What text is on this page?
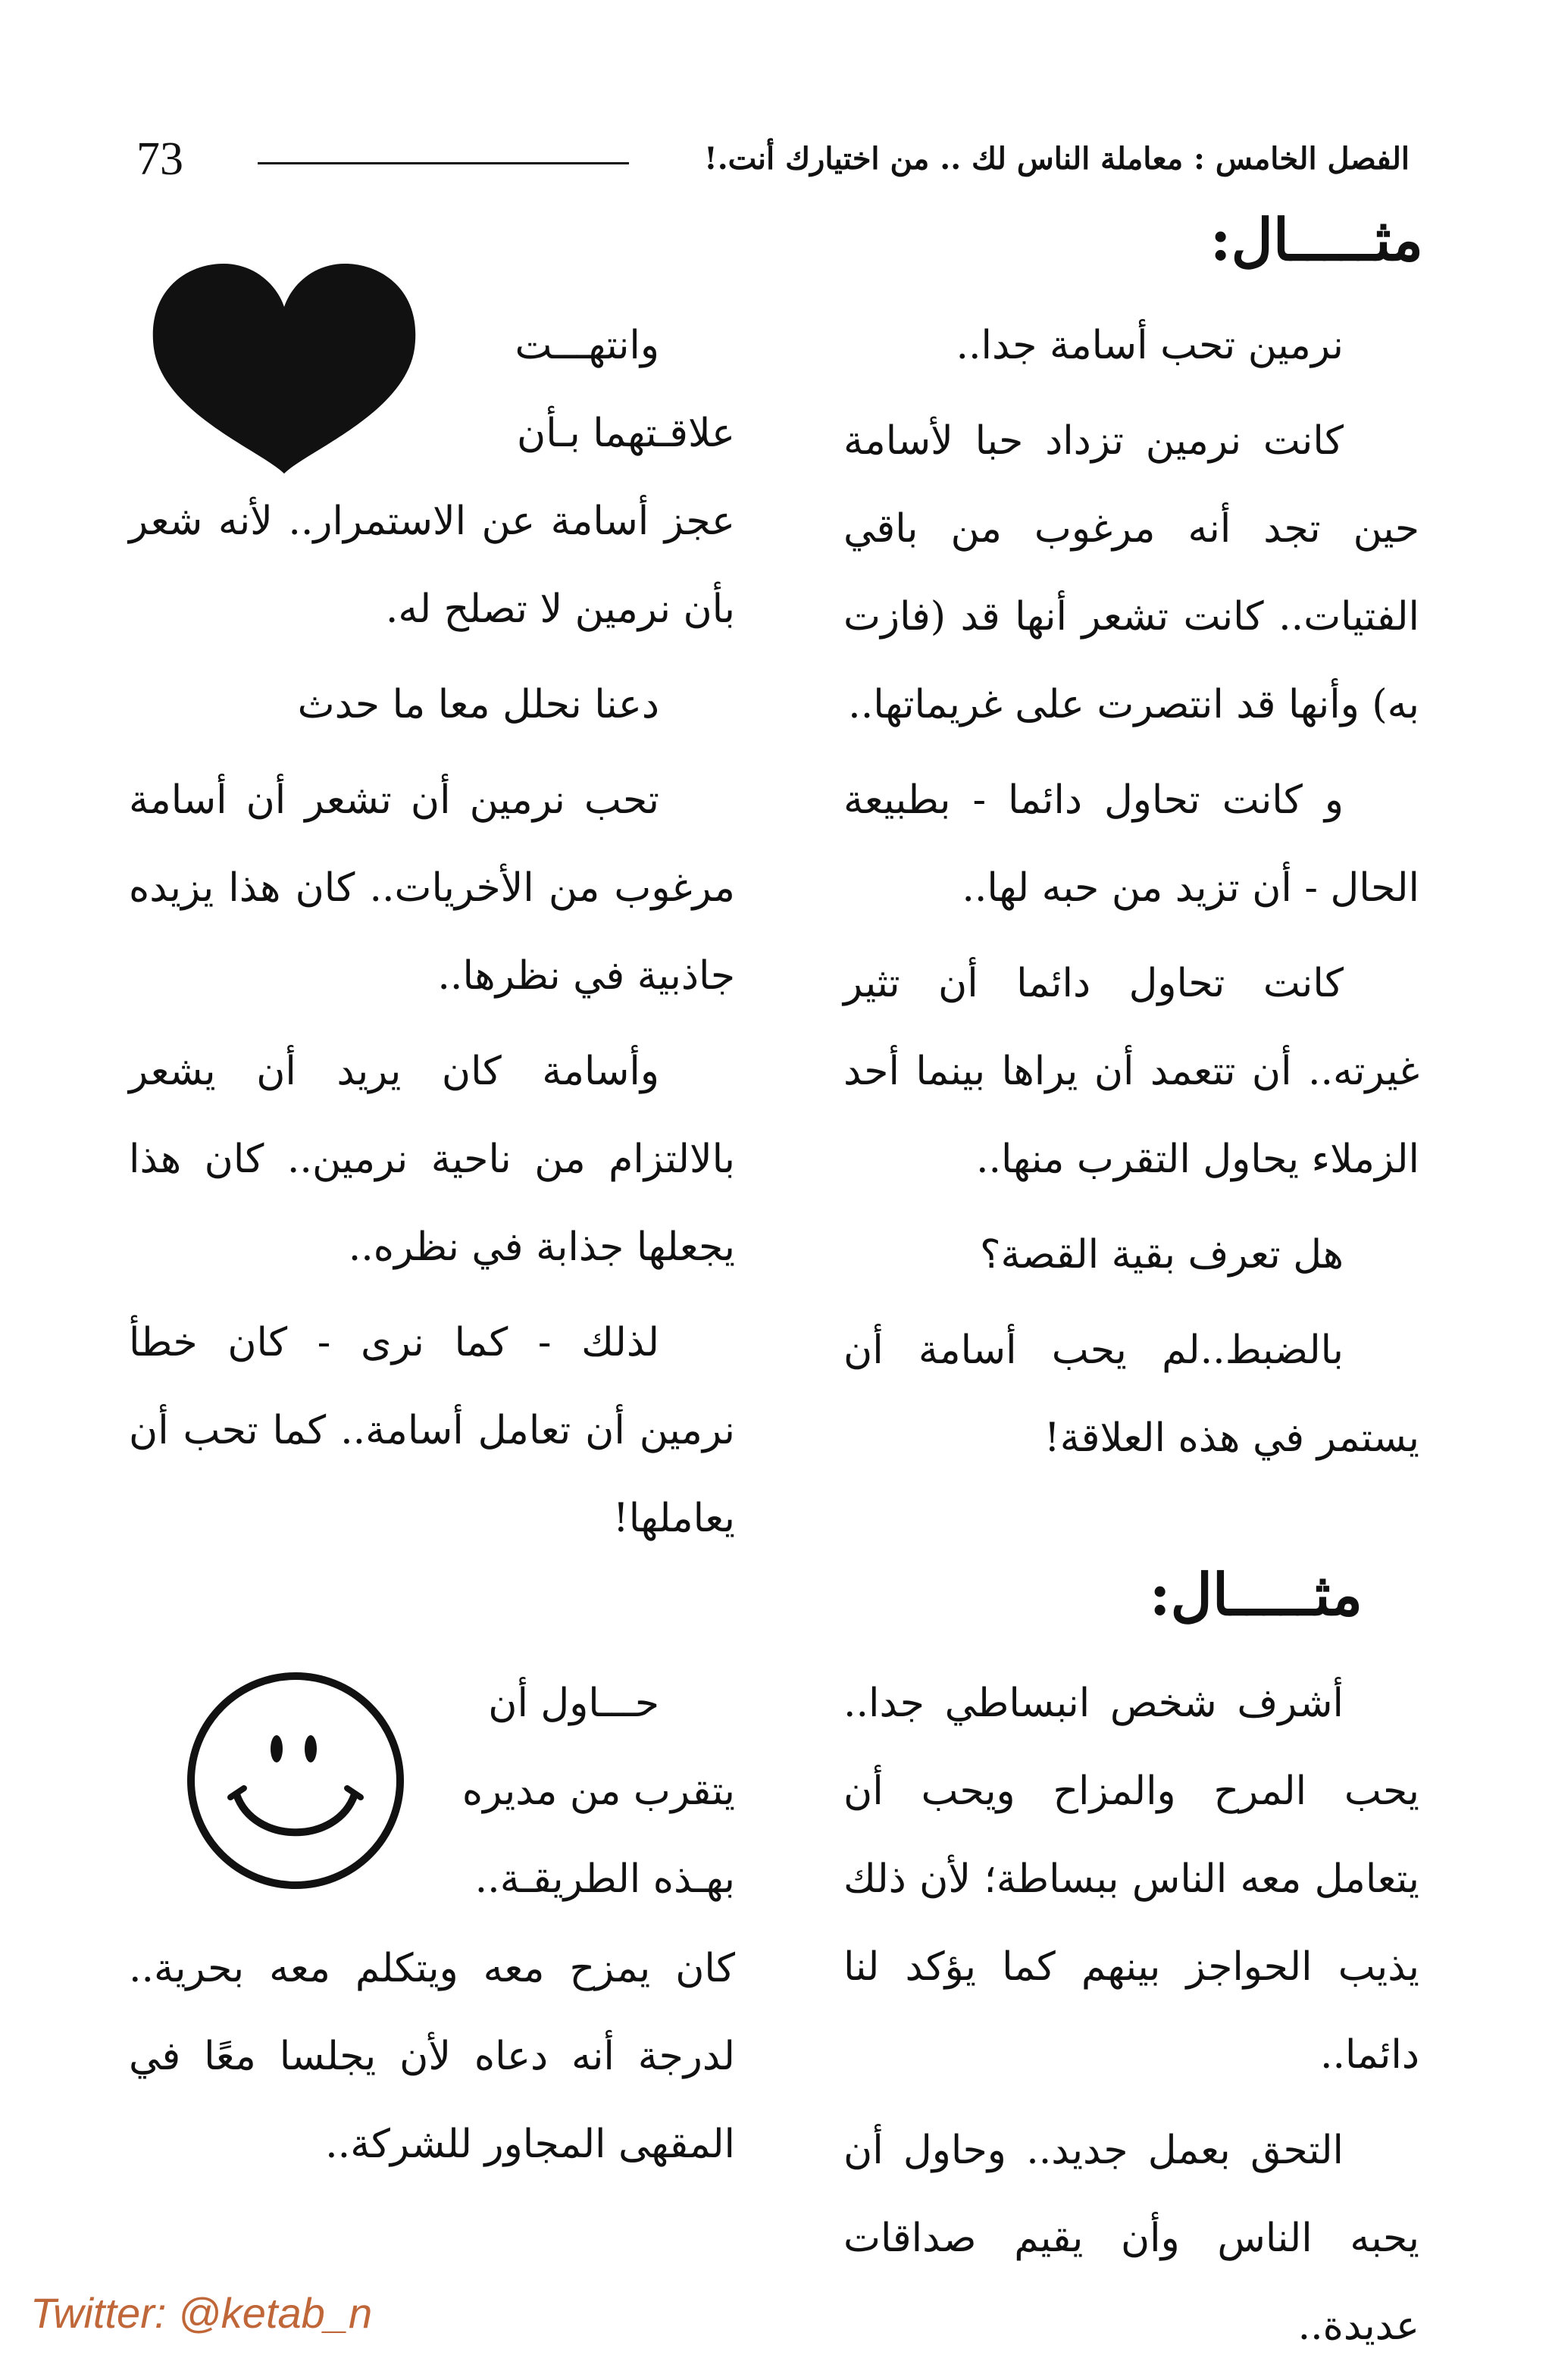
73	الفصل الخامس : معاملة الناس لك .. من اختيارك أنت.!
مثـــــال:

نرمين تحب أسامة جدا..

كانت نرمين تزداد حبا لأسامة حين تجد أنه مرغوب من باقي الفتيات.. كانت تشعر أنها قد (فازت به) وأنها قد انتصرت على غريماتها..

و كانت تحاول دائما - بطبيعة الحال - أن تزيد من حبه لها..

كانت تحاول دائما أن تثير غيرته.. أن تتعمد أن يراها بينما أحد الزملاء يحاول التقرب منها..

هل تعرف بقية القصة؟

بالضبط..لم يحب أسامة أن يستمر في هذه العلاقة!

وانتهـــت

علاقـتهما بـأن

عجز أسامة عن الاستمرار.. لأنه شعر بأن نرمين لا تصلح له.

دعنا نحلل معا ما حدث

تحب نرمين أن تشعر أن أسامة مرغوب من الأخريات.. كان هذا يزيده جاذبية في نظرها..

وأسامة كان يريد أن يشعر بالالتزام من ناحية نرمين.. كان هذا يجعلها جذابة في نظره..

لذلك - كما نرى - كان خطأ نرمين أن تعامل أسامة.. كما تحب أن يعاملها!

مثـــــال:

أشرف شخص انبساطي جدا.. يحب المرح والمزاح ويحب أن يتعامل معه الناس ببساطة؛ لأن ذلك يذيب الحواجز بينهم كما يؤكد لنا دائما..

التحق بعمل جديد.. وحاول أن يحبه الناس وأن يقيم صداقات عديدة..

حـــاول أن

يتقرب من مديره

بهـذه الطريقـة..

كان يمزح معه ويتكلم معه بحرية.. لدرجة أنه دعاه لأن يجلسا معًا في المقهى المجاور للشركة..

Twitter: @ketab_n
